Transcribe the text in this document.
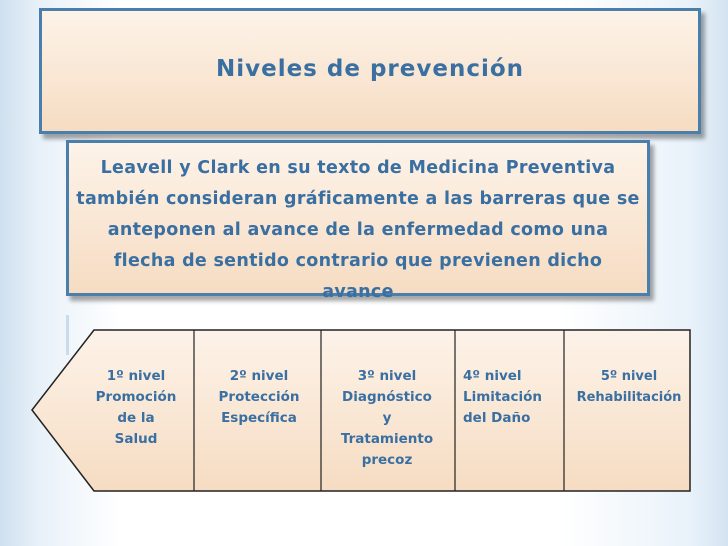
Niveles de prevención

Leavell y Clark en su texto de Medicina Preventiva también consideran gráficamente a las barreras que se anteponen al avance de la enfermedad como una flecha de sentido contrario que previenen dicho avance

1º nivel
Promoción
de la
Salud
2º nivel
Protección
Específica
3º nivel
Diagnóstico
y
Tratamiento
precoz
4º nivel
Limitación
del Daño
5º nivel
Rehabilitación
